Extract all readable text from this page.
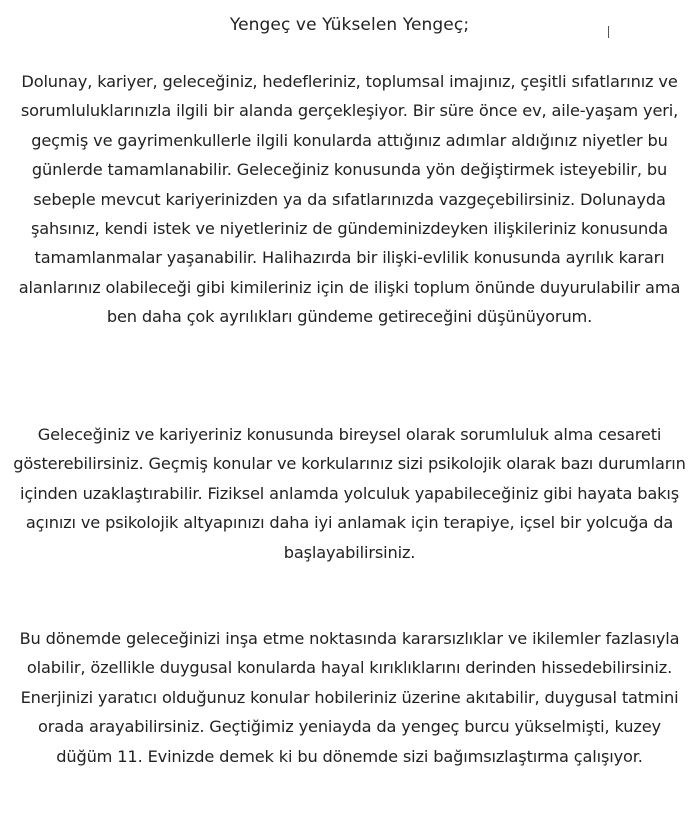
Yengeç ve Yükselen Yengeç;

Dolunay, kariyer, geleceğiniz, hedefleriniz, toplumsal imajınız, çeşitli sıfatlarınız ve sorumluluklarınızla ilgili bir alanda gerçekleşiyor. Bir süre önce ev, aile-yaşam yeri, geçmiş ve gayrimenkullerle ilgili konularda attığınız adımlar aldığınız niyetler bu günlerde tamamlanabilir. Geleceğiniz konusunda yön değiştirmek isteyebilir, bu sebeple mevcut kariyerinizden ya da sıfatlarınızda vazgeçebilirsiniz. Dolunayda şahsınız, kendi istek ve niyetleriniz de gündeminizdeyken ilişkileriniz konusunda tamamlanmalar yaşanabilir. Halihazırda bir ilişki-evlilik konusunda ayrılık kararı alanlarınız olabileceği gibi kimileriniz için de ilişki toplum önünde duyurulabilir ama ben daha çok ayrılıkları gündeme getireceğini düşünüyorum.

Geleceğiniz ve kariyeriniz konusunda bireysel olarak sorumluluk alma cesareti gösterebilirsiniz. Geçmiş konular ve korkularınız sizi psikolojik olarak bazı durumların içinden uzaklaştırabilir. Fiziksel anlamda yolculuk yapabileceğiniz gibi hayata bakış açınızı ve psikolojik altyapınızı daha iyi anlamak için terapiye, içsel bir yolcuğa da başlayabilirsiniz.

Bu dönemde geleceğinizi inşa etme noktasında kararsızlıklar ve ikilemler fazlasıyla olabilir, özellikle duygusal konularda hayal kırıklıklarını derinden hissedebilirsiniz. Enerjinizi yaratıcı olduğunuz konular hobileriniz üzerine akıtabilir, duygusal tatmini orada arayabilirsiniz. Geçtiğimiz yeniayda da yengeç burcu yükselmişti, kuzey düğüm 11. Evinizde demek ki bu dönemde sizi bağımsızlaştırma çalışıyor.
